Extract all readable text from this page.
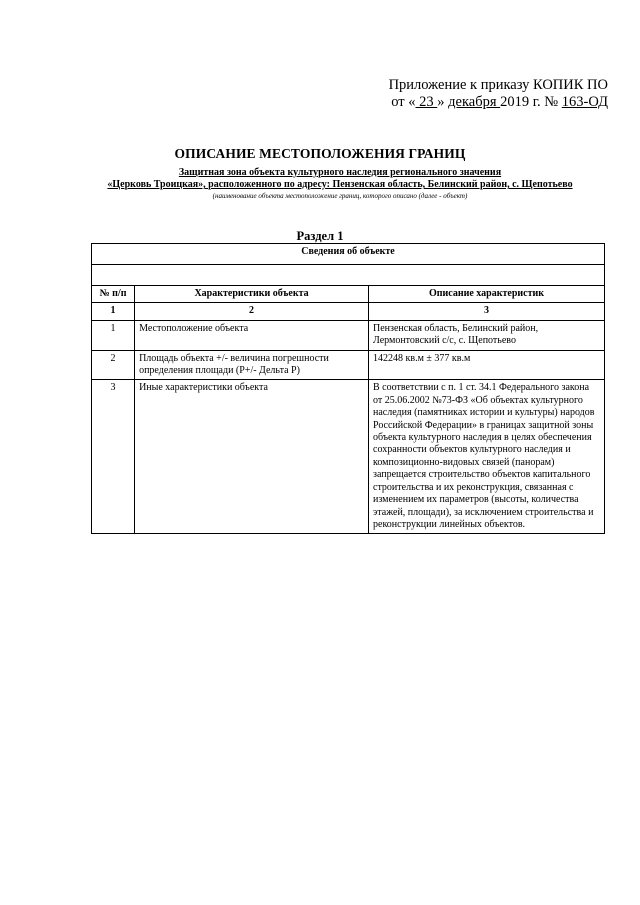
Приложение к приказу КОПИК ПО
от « 23 » декабря 2019 г. № 163-ОД
ОПИСАНИЕ МЕСТОПОЛОЖЕНИЯ ГРАНИЦ
Защитная зона объекта культурного наследия регионального значения
«Церковь Троицкая», расположенного по адресу: Пензенская область, Белинский район, с. Щепотьево
(наименование объекта местоположение границ, которого описано (далее - объект)
Раздел 1
Сведения об объекте		

№ п/п	Характеристики объекта	Описание характеристик
1	2	3
1	Местоположение объекта	Пензенская область, Белинский район, Лермонтовский с/с, с. Щепотьево
2	Площадь объекта +/- величина погрешности определения площади (P+/- Дельта P)	142248 кв.м ± 377 кв.м
3	Иные характеристики объекта	В соответствии с п. 1 ст. 34.1 Федерального закона от 25.06.2002 №73-ФЗ «Об объектах культурного наследия (памятниках истории и культуры) народов Российской Федерации» в границах защитной зоны объекта культурного наследия в целях обеспечения сохранности объектов культурного наследия и композиционно-видовых связей (панорам) запрещается строительство объектов капитального строительства и их реконструкция, связанная с изменением их параметров (высоты, количества этажей, площади), за исключением строительства и реконструкции линейных объектов.
